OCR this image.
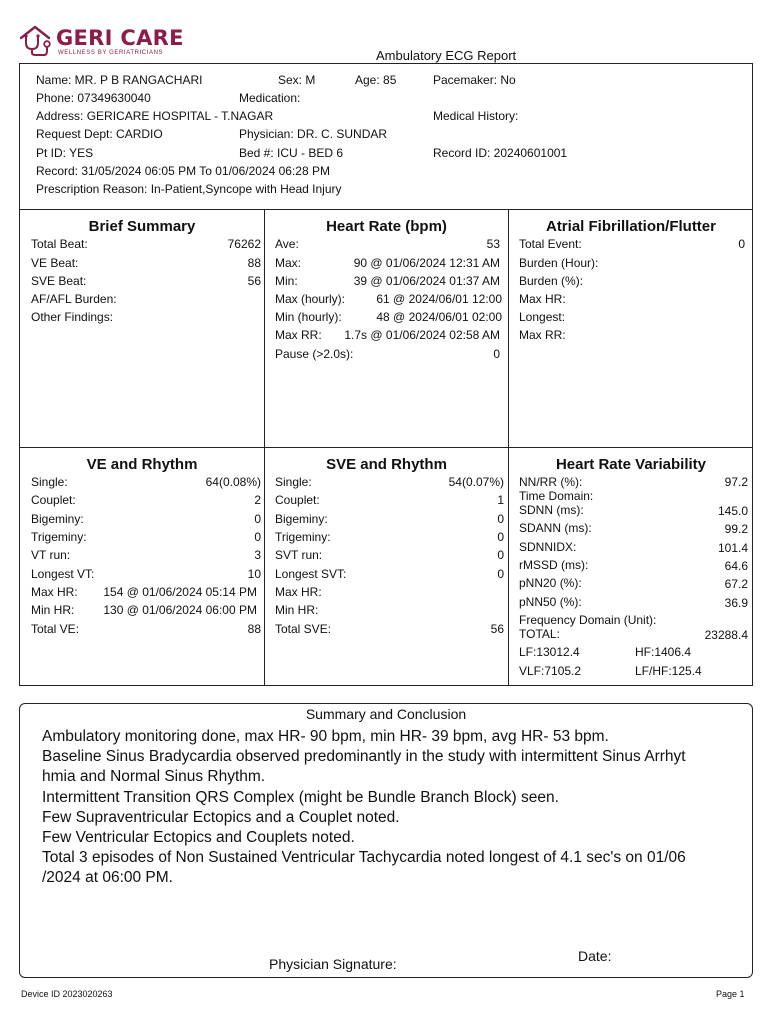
GERI CARE
WELLNESS BY GERIATRICIANS	Ambulatory ECG Report
Name: MR. P B RANGACHARI	Sex: M	Age: 85	Pacemaker: No
Phone: 07349630040	Medication:
Address: GERICARE HOSPITAL - T.NAGAR	Medical History:
Request Dept: CARDIO	Physician: DR. C. SUNDAR
Pt ID: YES	Bed #: ICU - BED 6	Record ID: 20240601001
Record: 31/05/2024 06:05 PM To 01/06/2024 06:28 PM
Prescription Reason: In-Patient,Syncope with Head Injury
Brief Summary	Heart Rate (bpm)	Atrial Fibrillation/Flutter
Total Beat:	76262
VE Beat:	88
SVE Beat:	56
AF/AFL Burden:
Other Findings:
Ave:	53
Max:	90 @ 01/06/2024 12:31 AM
Min:	39 @ 01/06/2024 01:37 AM
Max (hourly):	61 @ 2024/06/01 12:00
Min (hourly):	48 @ 2024/06/01 02:00
Max RR:	1.7s @ 01/06/2024 02:58 AM
Pause (>2.0s):	0
Total Event:	0
Burden (Hour):
Burden (%):
Max HR:
Longest:
Max RR:
VE and Rhythm	SVE and Rhythm	Heart Rate Variability
Single:	64(0.08%)
Couplet:	2
Bigeminy:	0
Trigeminy:	0
VT run:	3
Longest VT:	10
Max HR:	154 @ 01/06/2024 05:14 PM
Min HR:	130 @ 01/06/2024 06:00 PM
Total VE:	88
Single:	54(0.07%)
Couplet:	1
Bigeminy:	0
Trigeminy:	0
SVT run:	0
Longest SVT:	0
Max HR:
Min HR:
Total SVE:	56
NN/RR (%):	97.2
Time Domain:
SDNN (ms):	145.0
SDANN (ms):	99.2
SDNNIDX:	101.4
rMSSD (ms):	64.6
pNN20 (%):	67.2
pNN50 (%):	36.9
Frequency Domain (Unit):
TOTAL:	23288.4
LF:13012.4	HF:1406.4
VLF:7105.2	LF/HF:125.4
Summary and Conclusion
Ambulatory monitoring done, max HR- 90 bpm, min HR- 39 bpm, avg HR- 53 bpm.
Baseline Sinus Bradycardia observed predominantly in the study with intermittent Sinus Arrhyt
hmia and Normal Sinus Rhythm.
Intermittent Transition QRS Complex (might be Bundle Branch Block) seen.
Few Supraventricular Ectopics and a Couplet noted.
Few Ventricular Ectopics and Couplets noted.
Total 3 episodes of Non Sustained Ventricular Tachycardia noted longest of 4.1 sec's on 01/06
/2024 at 06:00 PM.
Physician Signature:	Date:
Device ID 2023020263	Page 1
